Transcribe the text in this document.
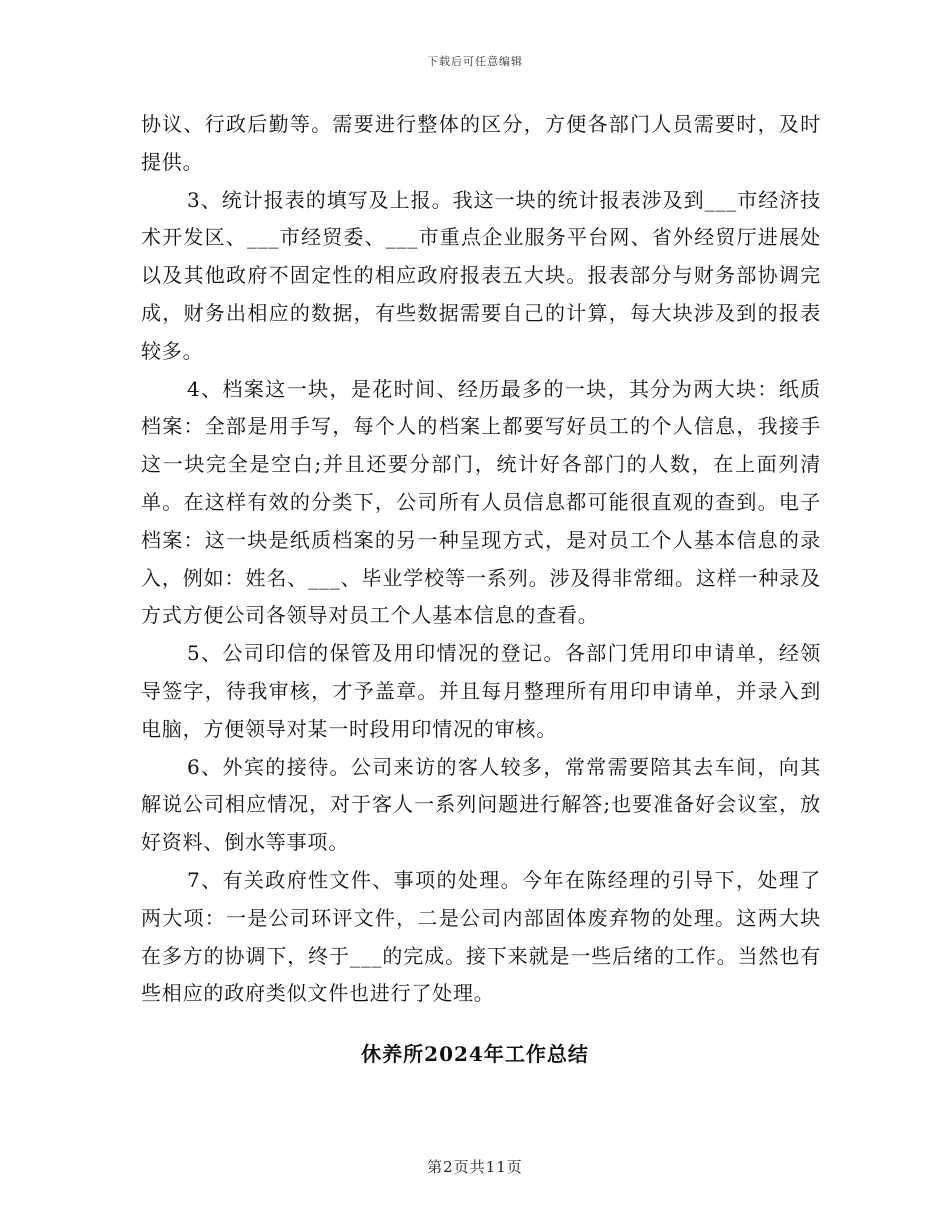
下载后可任意编辑

协议、行政后勤等。需要进行整体的区分，方便各部门人员需要时，及时提供。

3、统计报表的填写及上报。我这一块的统计报表涉及到___市经济技术开发区、___市经贸委、___市重点企业服务平台网、省外经贸厅进展处以及其他政府不固定性的相应政府报表五大块。报表部分与财务部协调完成，财务出相应的数据，有些数据需要自己的计算，每大块涉及到的报表较多。

4、档案这一块，是花时间、经历最多的一块，其分为两大块：纸质档案：全部是用手写，每个人的档案上都要写好员工的个人信息，我接手这一块完全是空白;并且还要分部门，统计好各部门的人数，在上面列清单。在这样有效的分类下，公司所有人员信息都可能很直观的查到。电子档案：这一块是纸质档案的另一种呈现方式，是对员工个人基本信息的录入，例如：姓名、___、毕业学校等一系列。涉及得非常细。这样一种录及方式方便公司各领导对员工个人基本信息的查看。

5、公司印信的保管及用印情况的登记。各部门凭用印申请单，经领导签字，待我审核，才予盖章。并且每月整理所有用印申请单，并录入到电脑，方便领导对某一时段用印情况的审核。

6、外宾的接待。公司来访的客人较多，常常需要陪其去车间，向其解说公司相应情况，对于客人一系列问题进行解答;也要准备好会议室，放好资料、倒水等事项。

7、有关政府性文件、事项的处理。今年在陈经理的引导下，处理了两大项：一是公司环评文件，二是公司内部固体废弃物的处理。这两大块在多方的协调下，终于___的完成。接下来就是一些后绪的工作。当然也有些相应的政府类似文件也进行了处理。

休养所2024年工作总结
第2页共11页
